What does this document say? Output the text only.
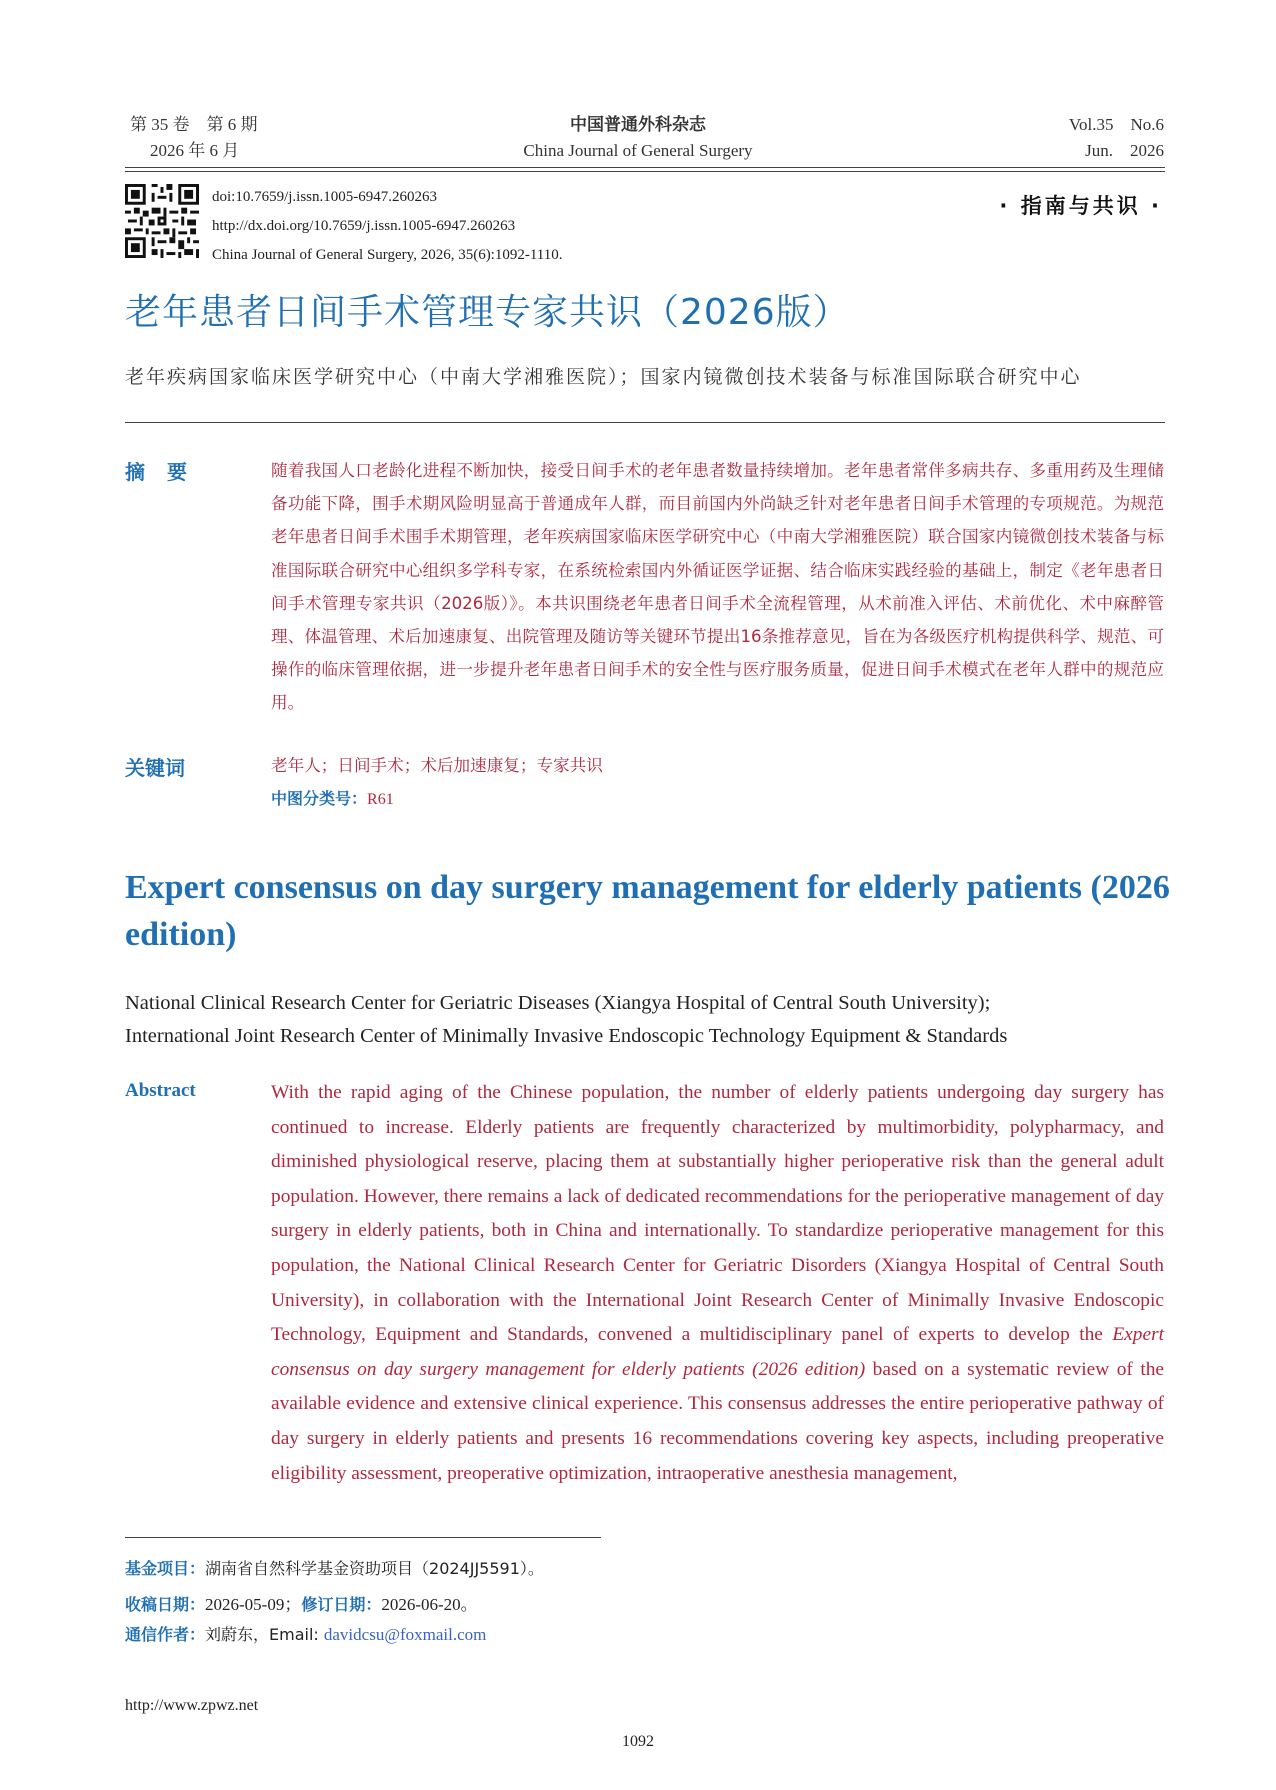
第 35 卷　第 6 期
2026 年 6 月
中国普通外科杂志
China Journal of General Surgery
Vol.35　No.6
Jun.　2026
doi:10.7659/j.issn.1005-6947.260263
http://dx.doi.org/10.7659/j.issn.1005-6947.260263
China Journal of General Surgery, 2026, 35(6):1092-1110.
· 指南与共识 ·
老年患者日间手术管理专家共识（2026版）
老年疾病国家临床医学研究中心（中南大学湘雅医院）；国家内镜微创技术装备与标准国际联合研究中心
摘要	随着我国人口老龄化进程不断加快，接受日间手术的老年患者数量持续增加。老年患者常伴多病共存、多重用药及生理储备功能下降，围手术期风险明显高于普通成年人群，而目前国内外尚缺乏针对老年患者日间手术管理的专项规范。为规范老年患者日间手术围手术期管理，老年疾病国家临床医学研究中心（中南大学湘雅医院）联合国家内镜微创技术装备与标准国际联合研究中心组织多学科专家，在系统检索国内外循证医学证据、结合临床实践经验的基础上，制定《老年患者日间手术管理专家共识（2026版）》。本共识围绕老年患者日间手术全流程管理，从术前准入评估、术前优化、术中麻醉管理、体温管理、术后加速康复、出院管理及随访等关键环节提出16条推荐意见，旨在为各级医疗机构提供科学、规范、可操作的临床管理依据，进一步提升老年患者日间手术的安全性与医疗服务质量，促进日间手术模式在老年人群中的规范应用。
关键词	老年人；日间手术；术后加速康复；专家共识
中图分类号：R61
Expert consensus on day surgery management for elderly patients (2026 edition)
National Clinical Research Center for Geriatric Diseases (Xiangya Hospital of Central South University);
International Joint Research Center of Minimally Invasive Endoscopic Technology Equipment & Standards
Abstract	With the rapid aging of the Chinese population, the number of elderly patients undergoing day surgery has continued to increase. Elderly patients are frequently characterized by multimorbidity, polypharmacy, and diminished physiological reserve, placing them at substantially higher perioperative risk than the general adult population. However, there remains a lack of dedicated recommendations for the perioperative management of day surgery in elderly patients, both in China and internationally. To standardize perioperative management for this population, the National Clinical Research Center for Geriatric Disorders (Xiangya Hospital of Central South University), in collaboration with the International Joint Research Center of Minimally Invasive Endoscopic Technology, Equipment and Standards, convened a multidisciplinary panel of experts to develop the Expert consensus on day surgery management for elderly patients (2026 edition) based on a systematic review of the available evidence and extensive clinical experience. This consensus addresses the entire perioperative pathway of day surgery in elderly patients and presents 16 recommendations covering key aspects, including preoperative eligibility assessment, preoperative optimization, intraoperative anesthesia management,
基金项目：湖南省自然科学基金资助项目（2024JJ5591）。
收稿日期：2026-05-09；修订日期：2026-06-20。
通信作者：刘蔚东，Email: davidcsu@foxmail.com
http://www.zpwz.net
1092
